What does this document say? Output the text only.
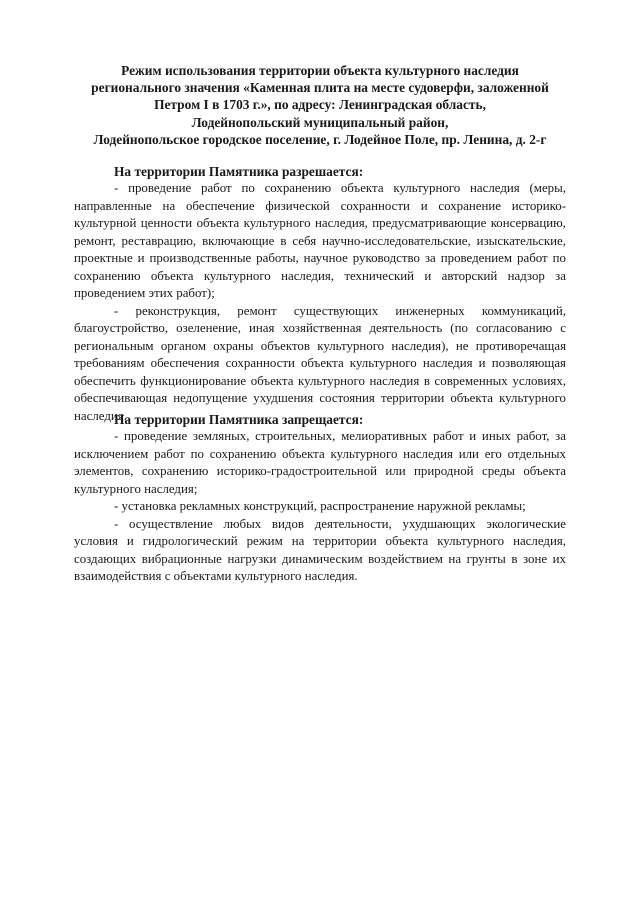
Режим использования территории объекта культурного наследия
регионального значения «Каменная плита на месте судоверфи, заложенной
Петром I в 1703 г.», по адресу: Ленинградская область,
Лодейнопольский муниципальный район,
Лодейнопольское городское поселение, г. Лодейное Поле, пр. Ленина, д. 2-г
На территории Памятника разрешается:

- проведение работ по сохранению объекта культурного наследия (меры, направленные на обеспечение физической сохранности и сохранение историко-культурной ценности объекта культурного наследия, предусматривающие консервацию, ремонт, реставрацию, включающие в себя научно-исследовательские, изыскательские, проектные и производственные работы, научное руководство за проведением работ по сохранению объекта культурного наследия, технический и авторский надзор за проведением этих работ);

- реконструкция, ремонт существующих инженерных коммуникаций, благоустройство, озеленение, иная хозяйственная деятельность (по согласованию с региональным органом охраны объектов культурного наследия), не противоречащая требованиям обеспечения сохранности объекта культурного наследия и позволяющая обеспечить функционирование объекта культурного наследия в современных условиях, обеспечивающая недопущение ухудшения состояния территории объекта культурного наследия.

На территории Памятника запрещается:

- проведение земляных, строительных, мелиоративных работ и иных работ, за исключением работ по сохранению объекта культурного наследия или его отдельных элементов, сохранению историко-градостроительной или природной среды объекта культурного наследия;

- установка рекламных конструкций, распространение наружной рекламы;

- осуществление любых видов деятельности, ухудшающих экологические условия и гидрологический режим на территории объекта культурного наследия, создающих вибрационные нагрузки динамическим воздействием на грунты в зоне их взаимодействия с объектами культурного наследия.
